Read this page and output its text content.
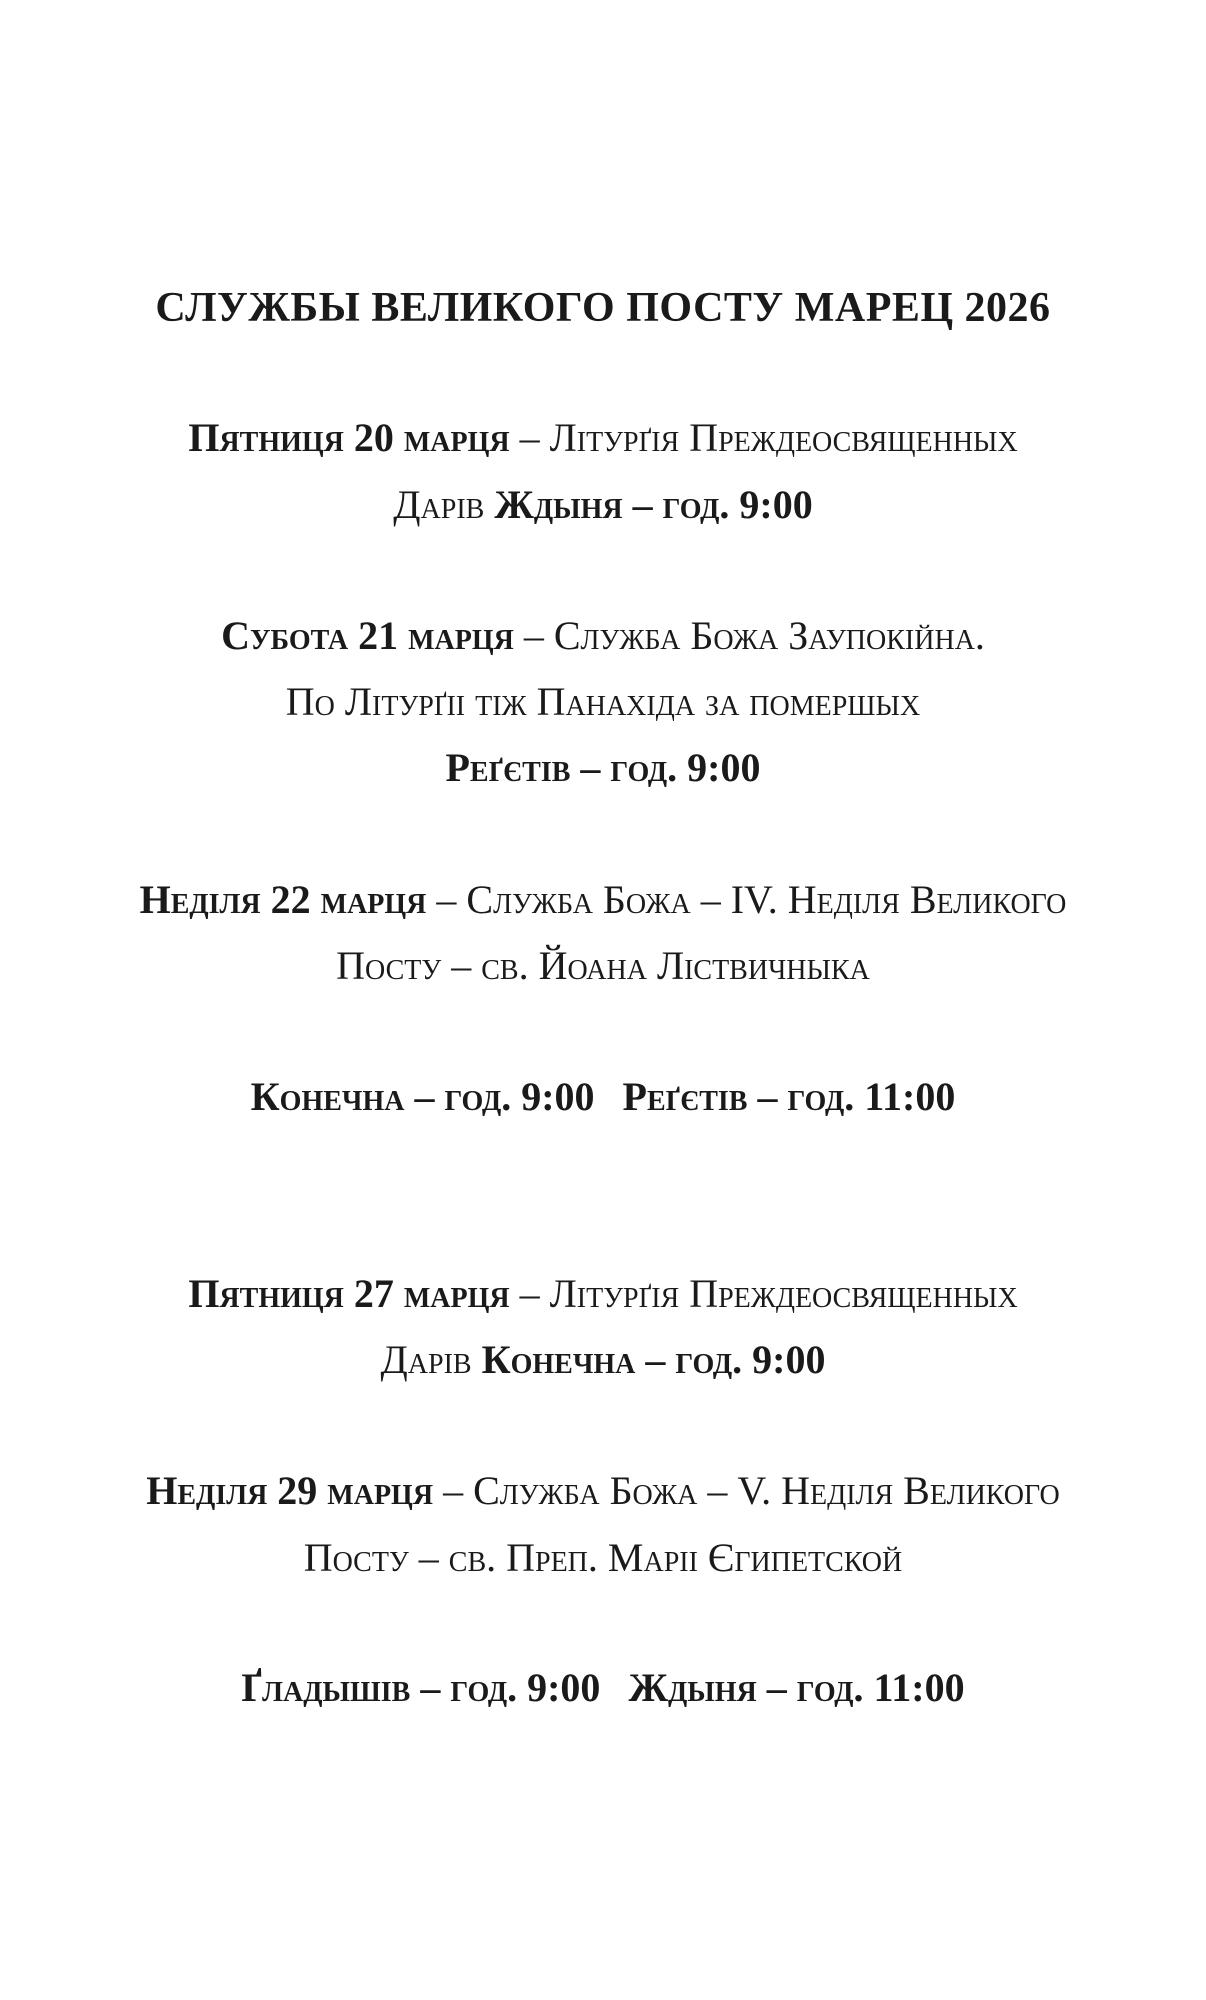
СЛУЖБЫ ВЕЛИКОГО ПОСТУ МАРЕЦ 2026
Пятниця 20 марця – Літурґія Преждеосвященных
Дарів Ждыня – год. 9:00
Субота 21 марця – Служба Божа Заупокійна.
По Літурґіі тіж Панахіда за помершых
Реґєтів – год. 9:00
Неділя 22 марця – Служба Божа – IV. Неділя Великого
Посту – св. Йоана Ліствичныка
Конечна – год. 9:00 Реґєтів – год. 11:00
Пятниця 27 марця – Літурґія Преждеосвященных
Дарів Конечна – год. 9:00
Неділя 29 марця – Служба Божа – V. Неділя Великого
Посту – св. Преп. Маріі Єгипетской
Ґладышів – год. 9:00 Ждыня – год. 11:00
